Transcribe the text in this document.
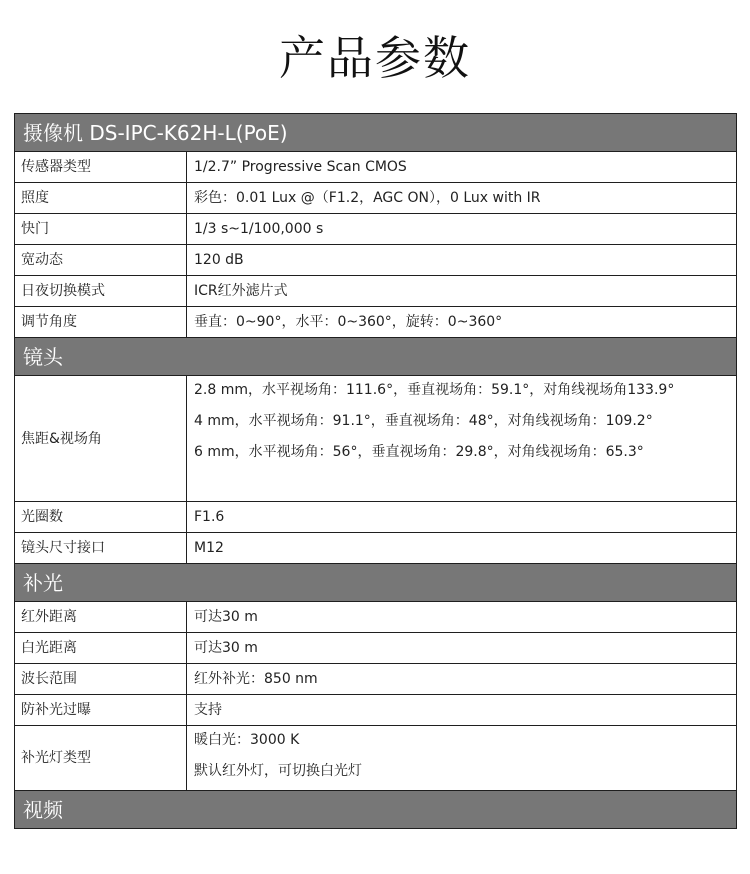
产品参数
摄像机 DS-IPC-K62H-L(PoE)	
传感器类型	1/2.7” Progressive Scan CMOS
照度	彩色：0.01 Lux @（F1.2，AGC ON），0 Lux with IR
快门	1/3 s~1/100,000 s
宽动态	120 dB
日夜切换模式	ICR红外滤片式
调节角度	垂直：0~90°，水平：0~360°，旋转：0~360°
镜头	
焦距&视场角	2.8 mm，水平视场角：111.6°，垂直视场角：59.1°，对角线视场角133.9°
4 mm，水平视场角：91.1°，垂直视场角：48°，对角线视场角：109.2°
6 mm，水平视场角：56°，垂直视场角：29.8°，对角线视场角：65.3°

光圈数	F1.6
镜头尺寸接口	M12
补光	
红外距离	可达30 m
白光距离	可达30 m
波长范围	红外补光：850 nm
防补光过曝	支持
补光灯类型	暖白光：3000 K
默认红外灯，可切换白光灯

视频	
